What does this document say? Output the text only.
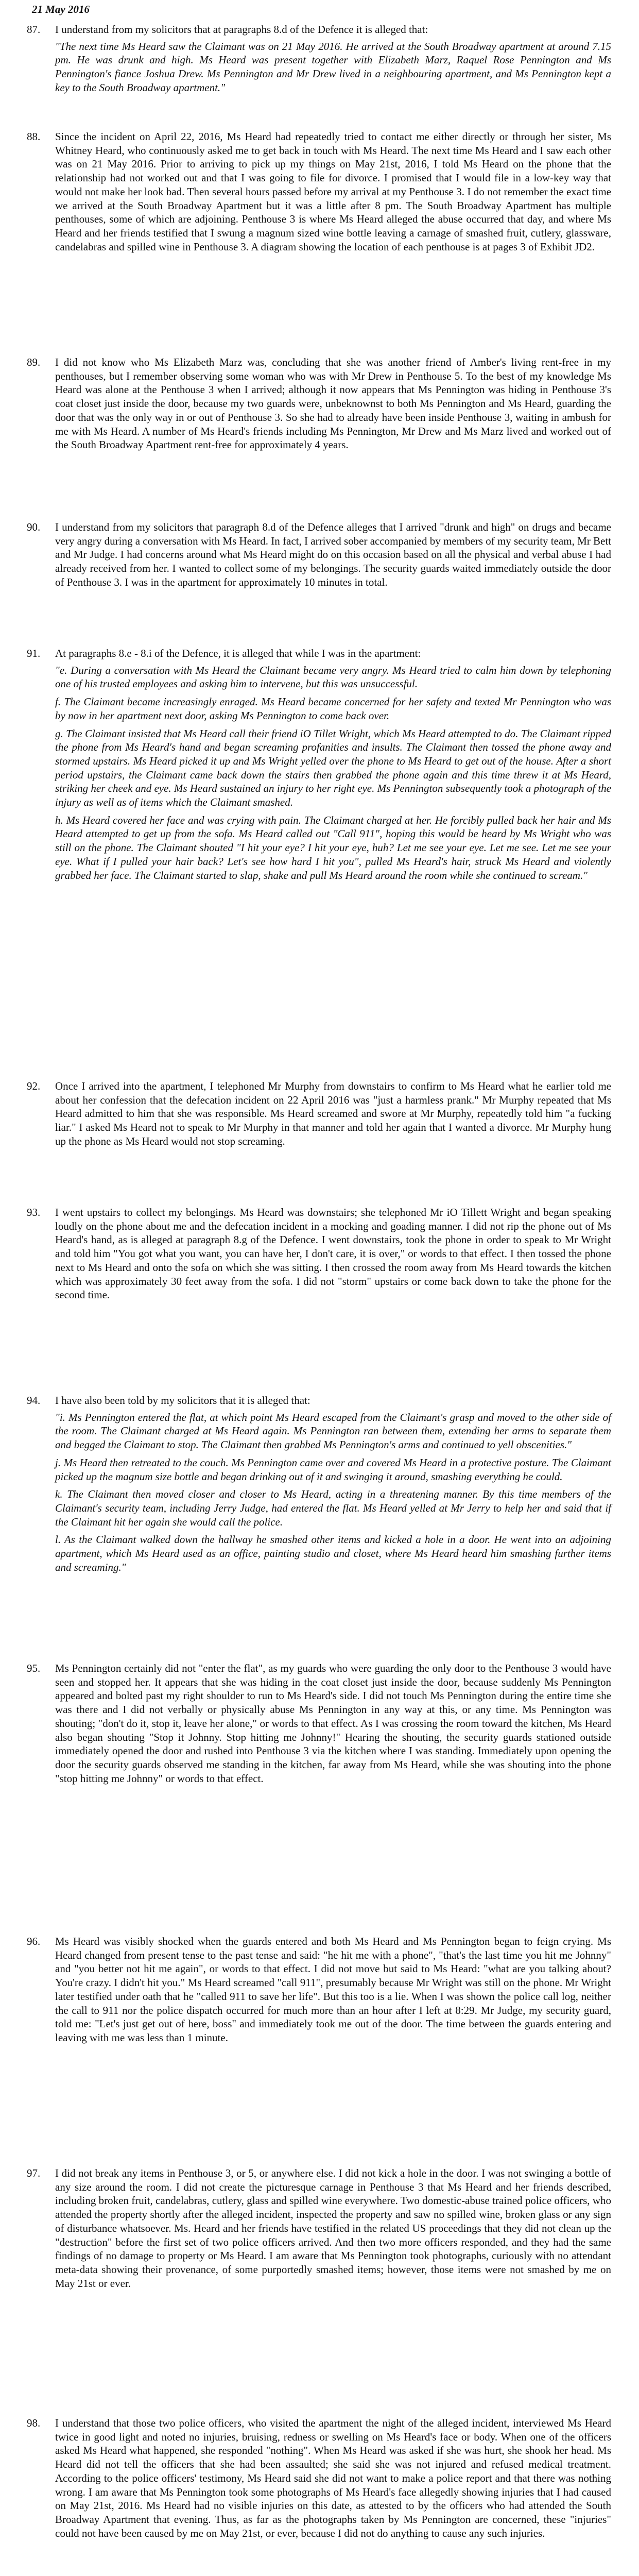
21 May 2016
87. I understand from my solicitors that at paragraphs 8.d of the Defence it is alleged that:
"The next time Ms Heard saw the Claimant was on 21 May 2016. He arrived at the South Broadway apartment at around 7.15 pm. He was drunk and high. Ms Heard was present together with Elizabeth Marz, Raquel Rose Pennington and Ms Pennington's fiance Joshua Drew. Ms Pennington and Mr Drew lived in a neighbouring apartment, and Ms Pennington kept a key to the South Broadway apartment."
88. Since the incident on April 22, 2016, Ms Heard had repeatedly tried to contact me either directly or through her sister, Ms Whitney Heard, who continuously asked me to get back in touch with Ms Heard. The next time Ms Heard and I saw each other was on 21 May 2016. Prior to arriving to pick up my things on May 21st, 2016, I told Ms Heard on the phone that the relationship had not worked out and that I was going to file for divorce. I promised that I would file in a low-key way that would not make her look bad. Then several hours passed before my arrival at my Penthouse 3. I do not remember the exact time we arrived at the South Broadway Apartment but it was a little after 8 pm. The South Broadway Apartment has multiple penthouses, some of which are adjoining. Penthouse 3 is where Ms Heard alleged the abuse occurred that day, and where Ms Heard and her friends testified that I swung a magnum sized wine bottle leaving a carnage of smashed fruit, cutlery, glassware, candelabras and spilled wine in Penthouse 3. A diagram showing the location of each penthouse is at pages 3 of Exhibit JD2.
89. I did not know who Ms Elizabeth Marz was, concluding that she was another friend of Amber's living rent-free in my penthouses, but I remember observing some woman who was with Mr Drew in Penthouse 5. To the best of my knowledge Ms Heard was alone at the Penthouse 3 when I arrived; although it now appears that Ms Pennington was hiding in Penthouse 3's coat closet just inside the door, because my two guards were, unbeknownst to both Ms Pennington and Ms Heard, guarding the door that was the only way in or out of Penthouse 3. So she had to already have been inside Penthouse 3, waiting in ambush for me with Ms Heard. A number of Ms Heard's friends including Ms Pennington, Mr Drew and Ms Marz lived and worked out of the South Broadway Apartment rent-free for approximately 4 years.
90. I understand from my solicitors that paragraph 8.d of the Defence alleges that I arrived "drunk and high" on drugs and became very angry during a conversation with Ms Heard. In fact, I arrived sober accompanied by members of my security team, Mr Bett and Mr Judge. I had concerns around what Ms Heard might do on this occasion based on all the physical and verbal abuse I had already received from her. I wanted to collect some of my belongings. The security guards waited immediately outside the door of Penthouse 3. I was in the apartment for approximately 10 minutes in total.
91. At paragraphs 8.e - 8.i of the Defence, it is alleged that while I was in the apartment:
"e. During a conversation with Ms Heard the Claimant became very angry. Ms Heard tried to calm him down by telephoning one of his trusted employees and asking him to intervene, but this was unsuccessful.
f. The Claimant became increasingly enraged. Ms Heard became concerned for her safety and texted Mr Pennington who was by now in her apartment next door, asking Ms Pennington to come back over.
g. The Claimant insisted that Ms Heard call their friend iO Tillet Wright, which Ms Heard attempted to do. The Claimant ripped the phone from Ms Heard's hand and began screaming profanities and insults. The Claimant then tossed the phone away and stormed upstairs. Ms Heard picked it up and Ms Wright yelled over the phone to Ms Heard to get out of the house. After a short period upstairs, the Claimant came back down the stairs then grabbed the phone again and this time threw it at Ms Heard, striking her cheek and eye. Ms Heard sustained an injury to her right eye. Ms Pennington subsequently took a photograph of the injury as well as of items which the Claimant smashed.
h. Ms Heard covered her face and was crying with pain. The Claimant charged at her. He forcibly pulled back her hair and Ms Heard attempted to get up from the sofa. Ms Heard called out "Call 911", hoping this would be heard by Ms Wright who was still on the phone. The Claimant shouted "I hit your eye? I hit your eye, huh? Let me see your eye. Let me see. Let me see your eye. What if I pulled your hair back? Let's see how hard I hit you", pulled Ms Heard's hair, struck Ms Heard and violently grabbed her face. The Claimant started to slap, shake and pull Ms Heard around the room while she continued to scream."
92. Once I arrived into the apartment, I telephoned Mr Murphy from downstairs to confirm to Ms Heard what he earlier told me about her confession that the defecation incident on 22 April 2016 was "just a harmless prank." Mr Murphy repeated that Ms Heard admitted to him that she was responsible. Ms Heard screamed and swore at Mr Murphy, repeatedly told him "a fucking liar." I asked Ms Heard not to speak to Mr Murphy in that manner and told her again that I wanted a divorce. Mr Murphy hung up the phone as Ms Heard would not stop screaming.
93. I went upstairs to collect my belongings. Ms Heard was downstairs; she telephoned Mr iO Tillett Wright and began speaking loudly on the phone about me and the defecation incident in a mocking and goading manner. I did not rip the phone out of Ms Heard's hand, as is alleged at paragraph 8.g of the Defence. I went downstairs, took the phone in order to speak to Mr Wright and told him "You got what you want, you can have her, I don't care, it is over," or words to that effect. I then tossed the phone next to Ms Heard and onto the sofa on which she was sitting. I then crossed the room away from Ms Heard towards the kitchen which was approximately 30 feet away from the sofa. I did not "storm" upstairs or come back down to take the phone for the second time.
94. I have also been told by my solicitors that it is alleged that:
"i. Ms Pennington entered the flat, at which point Ms Heard escaped from the Claimant's grasp and moved to the other side of the room. The Claimant charged at Ms Heard again. Ms Pennington ran between them, extending her arms to separate them and begged the Claimant to stop. The Claimant then grabbed Ms Pennington's arms and continued to yell obscenities."
j. Ms Heard then retreated to the couch. Ms Pennington came over and covered Ms Heard in a protective posture. The Claimant picked up the magnum size bottle and began drinking out of it and swinging it around, smashing everything he could.
k. The Claimant then moved closer and closer to Ms Heard, acting in a threatening manner. By this time members of the Claimant's security team, including Jerry Judge, had entered the flat. Ms Heard yelled at Mr Jerry to help her and said that if the Claimant hit her again she would call the police.
l. As the Claimant walked down the hallway he smashed other items and kicked a hole in a door. He went into an adjoining apartment, which Ms Heard used as an office, painting studio and closet, where Ms Heard heard him smashing further items and screaming."
95. Ms Pennington certainly did not "enter the flat", as my guards who were guarding the only door to the Penthouse 3 would have seen and stopped her. It appears that she was hiding in the coat closet just inside the door, because suddenly Ms Pennington appeared and bolted past my right shoulder to run to Ms Heard's side. I did not touch Ms Pennington during the entire time she was there and I did not verbally or physically abuse Ms Pennington in any way at this, or any time. Ms Pennington was shouting; "don't do it, stop it, leave her alone," or words to that effect. As I was crossing the room toward the kitchen, Ms Heard also began shouting "Stop it Johnny. Stop hitting me Johnny!" Hearing the shouting, the security guards stationed outside immediately opened the door and rushed into Penthouse 3 via the kitchen where I was standing. Immediately upon opening the door the security guards observed me standing in the kitchen, far away from Ms Heard, while she was shouting into the phone "stop hitting me Johnny" or words to that effect.
96. Ms Heard was visibly shocked when the guards entered and both Ms Heard and Ms Pennington began to feign crying. Ms Heard changed from present tense to the past tense and said: "he hit me with a phone", "that's the last time you hit me Johnny" and "you better not hit me again", or words to that effect. I did not move but said to Ms Heard: "what are you talking about? You're crazy. I didn't hit you." Ms Heard screamed "call 911", presumably because Mr Wright was still on the phone. Mr Wright later testified under oath that he "called 911 to save her life". But this too is a lie. When I was shown the police call log, neither the call to 911 nor the police dispatch occurred for much more than an hour after I left at 8:29. Mr Judge, my security guard, told me: "Let's just get out of here, boss" and immediately took me out of the door. The time between the guards entering and leaving with me was less than 1 minute.
97. I did not break any items in Penthouse 3, or 5, or anywhere else. I did not kick a hole in the door. I was not swinging a bottle of any size around the room. I did not create the picturesque carnage in Penthouse 3 that Ms Heard and her friends described, including broken fruit, candelabras, cutlery, glass and spilled wine everywhere. Two domestic-abuse trained police officers, who attended the property shortly after the alleged incident, inspected the property and saw no spilled wine, broken glass or any sign of disturbance whatsoever. Ms. Heard and her friends have testified in the related US proceedings that they did not clean up the "destruction" before the first set of two police officers arrived. And then two more officers responded, and they had the same findings of no damage to property or Ms Heard. I am aware that Ms Pennington took photographs, curiously with no attendant meta-data showing their provenance, of some purportedly smashed items; however, those items were not smashed by me on May 21st or ever.
98. I understand that those two police officers, who visited the apartment the night of the alleged incident, interviewed Ms Heard twice in good light and noted no injuries, bruising, redness or swelling on Ms Heard's face or body. When one of the officers asked Ms Heard what happened, she responded "nothing". When Ms Heard was asked if she was hurt, she shook her head. Ms Heard did not tell the officers that she had been assaulted; she said she was not injured and refused medical treatment. According to the police officers' testimony, Ms Heard said she did not want to make a police report and that there was nothing wrong. I am aware that Ms Pennington took some photographs of Ms Heard's face allegedly showing injuries that I had caused on May 21st, 2016. Ms Heard had no visible injuries on this date, as attested to by the officers who had attended the South Broadway Apartment that evening. Thus, as far as the photographs taken by Ms Pennington are concerned, these "injuries" could not have been caused by me on May 21st, or ever, because I did not do anything to cause any such injuries.
